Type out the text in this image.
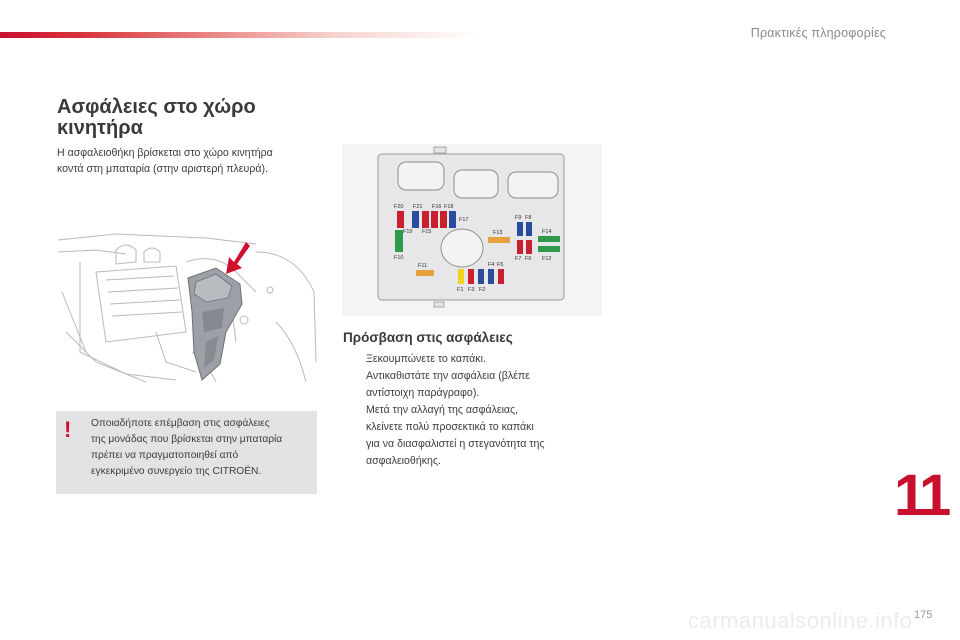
Πρακτικές πληροφορίες
Ασφάλειες στο χώρο
κινητήρα
Η ασφαλειοθήκη βρίσκεται στο χώρο κινητήρα
κοντά στη μπαταρία (στην αριστερή πλευρά).
F20 F21 F16 F18
F17
F19 F15
F10
F11
F13
F9 F8
F14
F7 F6 F12
F4 F5
F1 F3 F2
! Οποιαδήποτε επέμβαση στις ασφάλειες
της μονάδας που βρίσκεται στην μπαταρία
πρέπει να πραγματοποιηθεί από
εγκεκριμένο συνεργείο της CITROËN.
Πρόσβαση στις ασφάλειες
Ξεκουμπώνετε το καπάκι.
Αντικαθιστάτε την ασφάλεια (βλέπε
αντίστοιχη παράγραφο).
Μετά την αλλαγή της ασφάλειας,
κλείνετε πολύ προσεκτικά το καπάκι
για να διασφαλιστεί η στεγανότητα της
ασφαλειοθήκης.
11
carmanualsonline.info 175
